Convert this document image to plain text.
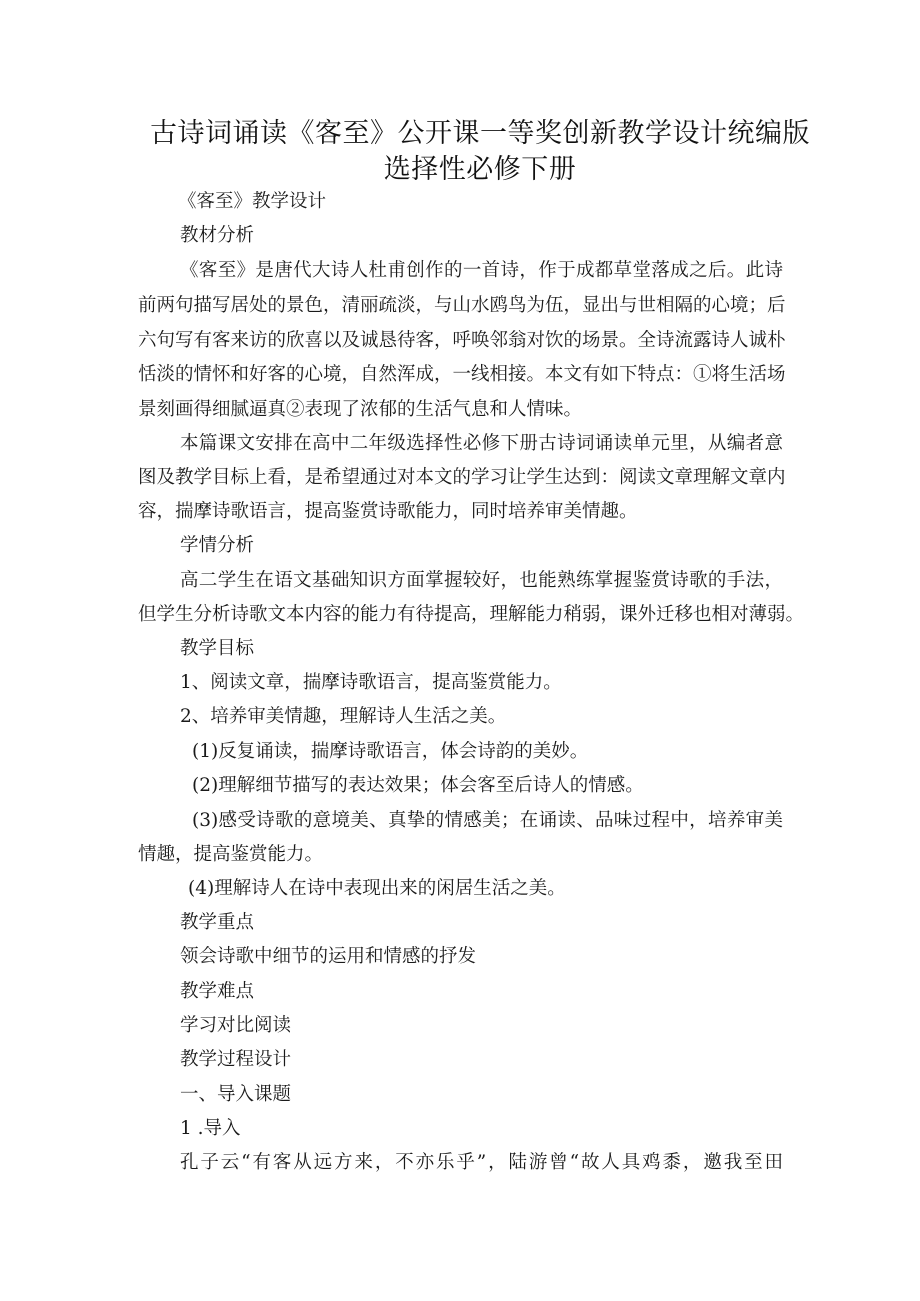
古诗词诵读《客至》公开课一等奖创新教学设计统编版
选择性必修下册
《客至》教学设计
教材分析
《客至》是唐代大诗人杜甫创作的一首诗，作于成都草堂落成之后。此诗
前两句描写居处的景色，清丽疏淡，与山水鸥鸟为伍，显出与世相隔的心境；后
六句写有客来访的欣喜以及诚恳待客，呼唤邻翁对饮的场景。全诗流露诗人诚朴
恬淡的情怀和好客的心境，自然浑成，一线相接。本文有如下特点：①将生活场
景刻画得细腻逼真②表现了浓郁的生活气息和人情味。
本篇课文安排在高中二年级选择性必修下册古诗词诵读单元里，从编者意
图及教学目标上看，是希望通过对本文的学习让学生达到：阅读文章理解文章内
容，揣摩诗歌语言，提高鉴赏诗歌能力，同时培养审美情趣。
学情分析
高二学生在语文基础知识方面掌握较好，也能熟练掌握鉴赏诗歌的手法，
但学生分析诗歌文本内容的能力有待提高，理解能力稍弱，课外迁移也相对薄弱。
教学目标
1、阅读文章，揣摩诗歌语言，提高鉴赏能力。
2、培养审美情趣，理解诗人生活之美。
(1)反复诵读，揣摩诗歌语言，体会诗韵的美妙。
(2)理解细节描写的表达效果；体会客至后诗人的情感。
(3)感受诗歌的意境美、真挚的情感美；在诵读、品味过程中，培养审美
情趣，提高鉴赏能力。
(4)理解诗人在诗中表现出来的闲居生活之美。
教学重点
领会诗歌中细节的运用和情感的抒发
教学难点
学习对比阅读
教学过程设计
一、导入课题
1 .导入
孔子云“有客从远方来，不亦乐乎”，陆游曾“故人具鸡黍，邀我至田
